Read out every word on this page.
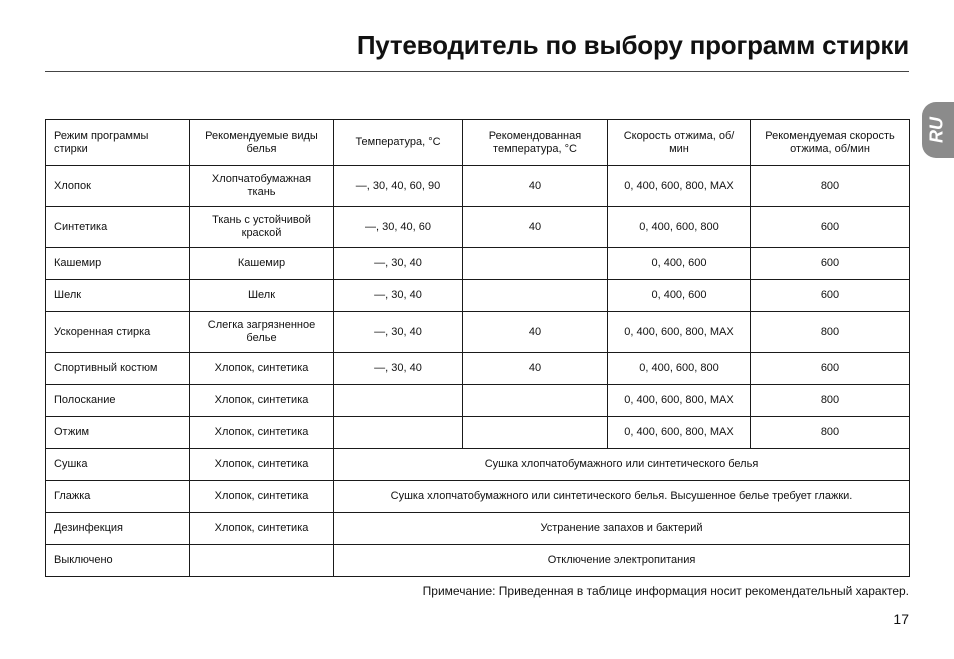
Путеводитель по выбору программ стирки
RU
Режим программы стирки	Рекомендуемые виды белья	Температура, °C	Рекомендованная температура, °C	Скорость отжима, об/мин	Рекомендуемая скорость отжима, об/мин
Хлопок	Хлопчатобумажная ткань	—, 30, 40, 60, 90	40	0, 400, 600, 800, MAX	800
Синтетика	Ткань с устойчивой краской	—, 30, 40, 60	40	0, 400, 600, 800	600
Кашемир	Кашемир	—, 30, 40		0, 400, 600	600
Шелк	Шелк	—, 30, 40		0, 400, 600	600
Ускоренная стирка	Слегка загрязненное белье	—, 30, 40	40	0, 400, 600, 800, MAX	800
Спортивный костюм	Хлопок, синтетика	—, 30, 40	40	0, 400, 600, 800	600
Полоскание	Хлопок, синтетика			0, 400, 600, 800, MAX	800
Отжим	Хлопок, синтетика			0, 400, 600, 800, MAX	800
Сушка	Хлопок, синтетика	Сушка хлопчатобумажного или синтетического белья			
Глажка	Хлопок, синтетика	Сушка хлопчатобумажного или синтетического белья. Высушенное белье требует глажки.			
Дезинфекция	Хлопок, синтетика	Устранение запахов и бактерий			
Выключено		Отключение электропитания			

Примечание: Приведенная в таблице информация носит рекомендательный характер.

17
